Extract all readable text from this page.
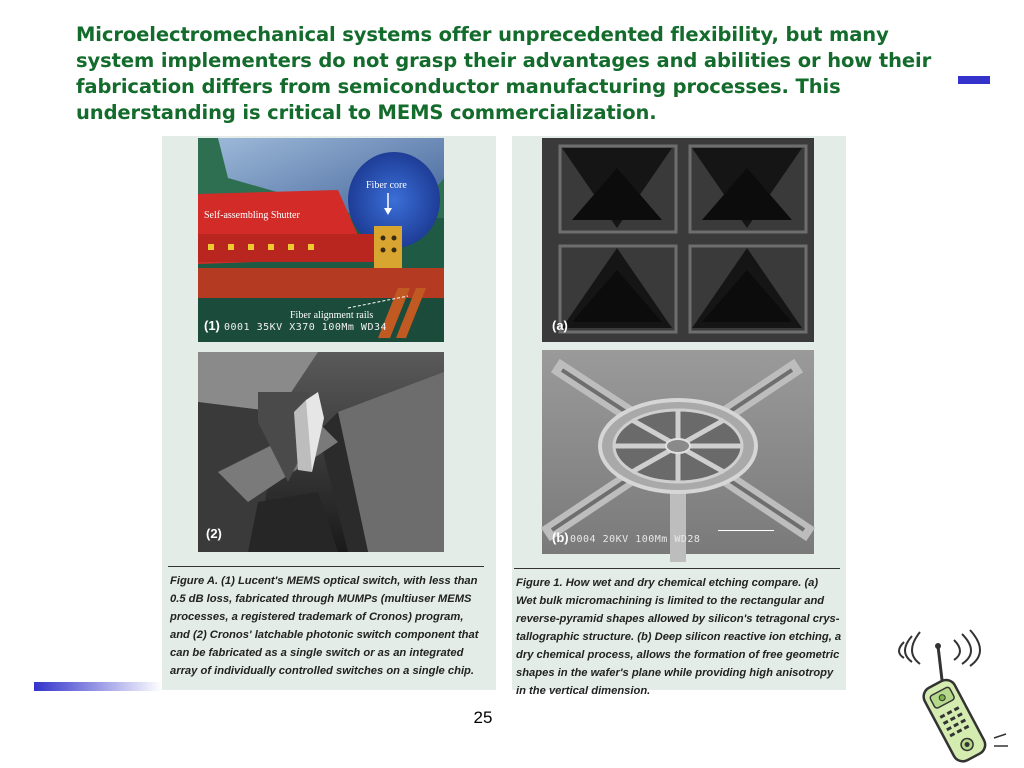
Microelectromechanical systems offer unprecedented flexibility, but many system implementers do not grasp their advantages and abilities or how their fabrication differs from semiconductor manufacturing processes. This understanding is critical to MEMS commercialization.
Fiber core
Self-assembling Shutter
Fiber alignment rails
(1) 0001 35KV X370 100Mm WD34
(2)
Figure A. (1) Lucent's MEMS optical switch, with less than
0.5 dB loss, fabricated through MUMPs (multiuser MEMS
processes, a registered trademark of Cronos) program,
and (2) Cronos' latchable photonic switch component that
can be fabricated as a single switch or as an integrated
array of individually controlled switches on a single chip.
(a)
(b) 0004 20KV 100Mm WD28
Figure 1. How wet and dry chemical etching compare. (a)
Wet bulk micromachining is limited to the rectangular and
reverse-pyramid shapes allowed by silicon's tetragonal crys-
tallographic structure. (b) Deep silicon reactive ion etching, a
dry chemical process, allows the formation of free geometric
shapes in the wafer's plane while providing high anisotropy
in the vertical dimension.
25
